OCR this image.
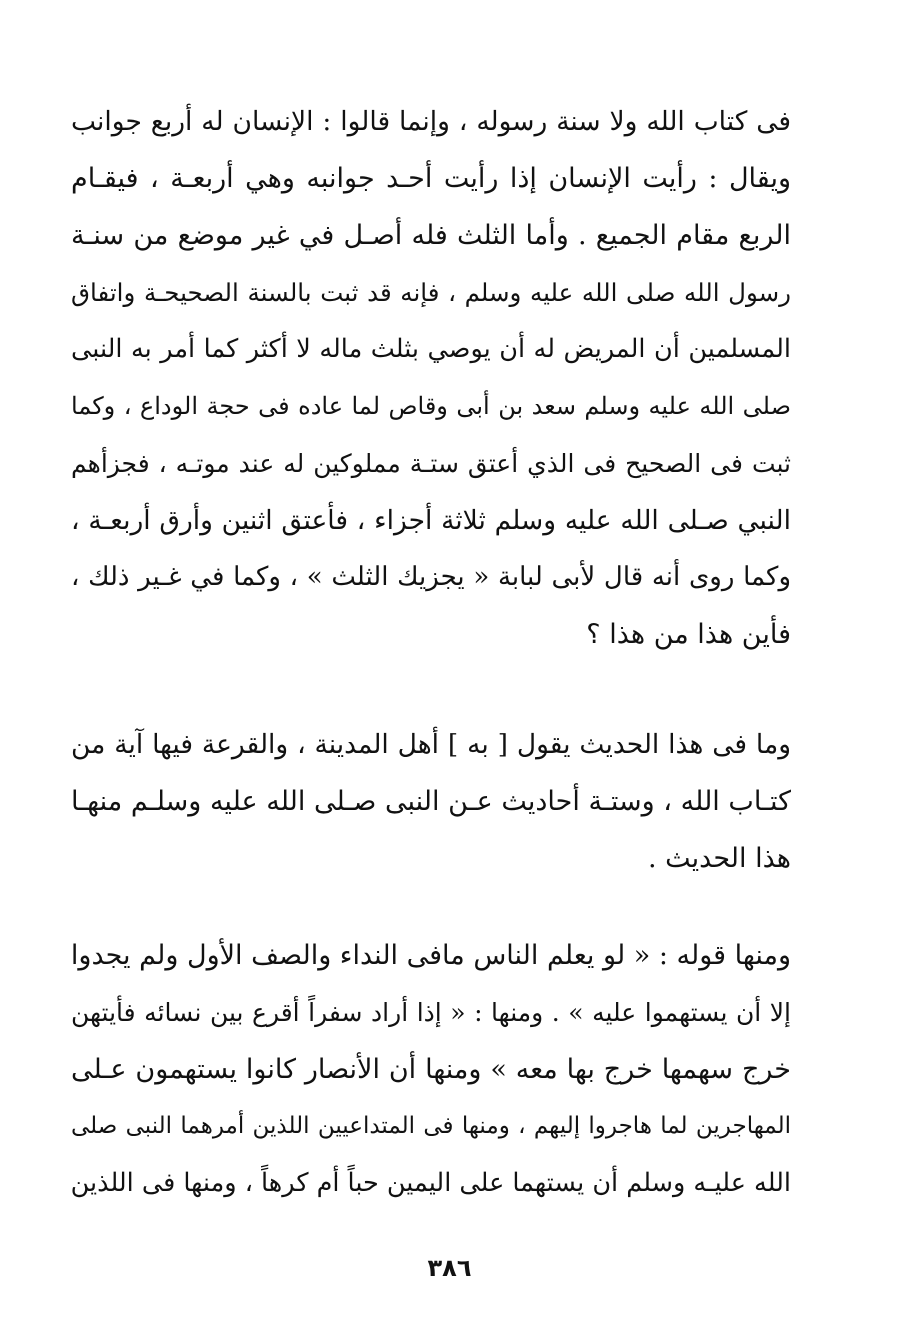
فى كتاب الله ولا سنة رسوله ، وإنما قالوا : الإنسان له أربع جوانب
ويقال : رأيت الإنسان إذا رأيت أحـد جوانبه وهي أربعـة ، فيقـام
الربع مقام الجميع . وأما الثلث فله أصـل في غير موضع من سنـة
رسول الله صلى الله عليه وسلم ، فإنه قد ثبت بالسنة الصحيحـة واتفاق
المسلمين أن المريض له أن يوصي بثلث ماله لا أكثر كما أمر به النبى
صلى الله عليه وسلم سعد بن أبى وقاص لما عاده فى حجة الوداع ، وكما
ثبت فى الصحيح فى الذي أعتق ستـة مملوكين له عند موتـه ، فجزأهم
النبي صـلى الله عليه وسلم ثلاثة أجزاء ، فأعتق اثنين وأرق أربعـة ،
وكما روى أنه قال لأبى لبابة « يجزيك الثلث » ، وكما في غـير ذلك ،
فأين هذا من هذا ؟
وما فى هذا الحديث يقول [ به ] أهل المدينة ، والقرعة فيها آية من
كتـاب الله ، وستـة أحاديث عـن النبى صـلى الله عليه وسلـم منهـا
هذا الحديث .
ومنها قوله : « لو يعلم الناس مافى النداء والصف الأول ولم يجدوا
إلا أن يستهموا عليه » . ومنها : « إذا أراد سفراً أقرع بين نسائه فأيتهن
خرج سهمها خرج بها معه » ومنها أن الأنصار كانوا يستهمون عـلى
المهاجرين لما هاجروا إليهم ، ومنها فى المتداعيين اللذين أمرهما النبى صلى
الله عليـه وسلم أن يستهما على اليمين حباً أم كرهاً ، ومنها فى اللذين
٣٨٦
